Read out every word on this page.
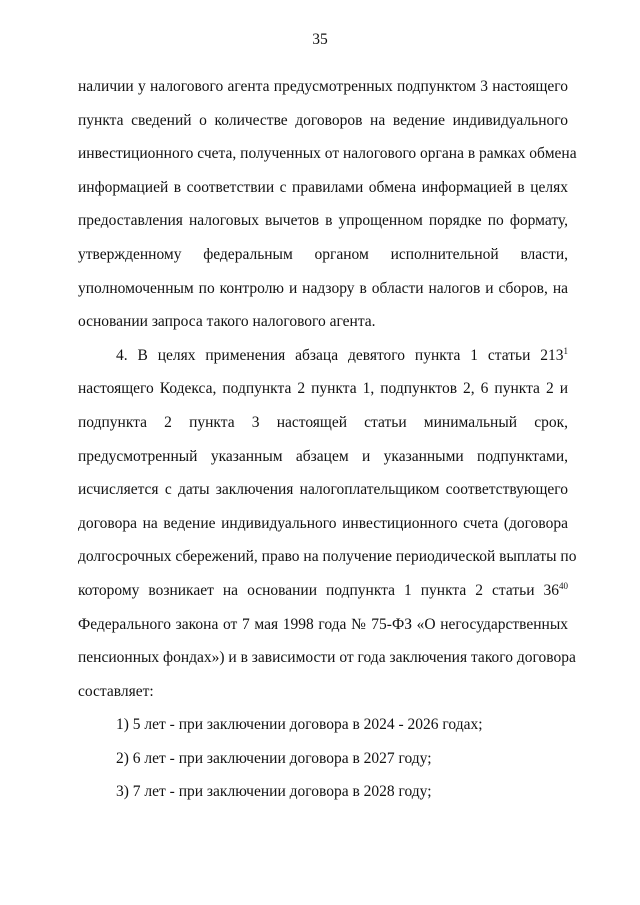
35
наличии у налогового агента предусмотренных подпунктом 3 настоящего
пункта сведений о количестве договоров на ведение индивидуального
инвестиционного счета, полученных от налогового органа в рамках обмена
информацией в соответствии с правилами обмена информацией в целях
предоставления налоговых вычетов в упрощенном порядке по формату,
утвержденному федеральным органом исполнительной власти,
уполномоченным по контролю и надзору в области налогов и сборов, на
основании запроса такого налогового агента.
4. В целях применения абзаца девятого пункта 1 статьи $213^1$
настоящего Кодекса, подпункта 2 пункта 1, подпунктов 2, 6 пункта 2 и
подпункта 2 пункта 3 настоящей статьи минимальный срок,
предусмотренный указанным абзацем и указанными подпунктами,
исчисляется с даты заключения налогоплательщиком соответствующего
договора на ведение индивидуального инвестиционного счета (договора
долгосрочных сбережений, право на получение периодической выплаты по
которому возникает на основании подпункта 1 пункта 2 статьи $36^{40}$
Федерального закона от 7 мая 1998 года № 75-ФЗ «О негосударственных
пенсионных фондах») и в зависимости от года заключения такого договора
составляет:
1) 5 лет - при заключении договора в 2024 - 2026 годах;
2) 6 лет - при заключении договора в 2027 году;
3) 7 лет - при заключении договора в 2028 году;
